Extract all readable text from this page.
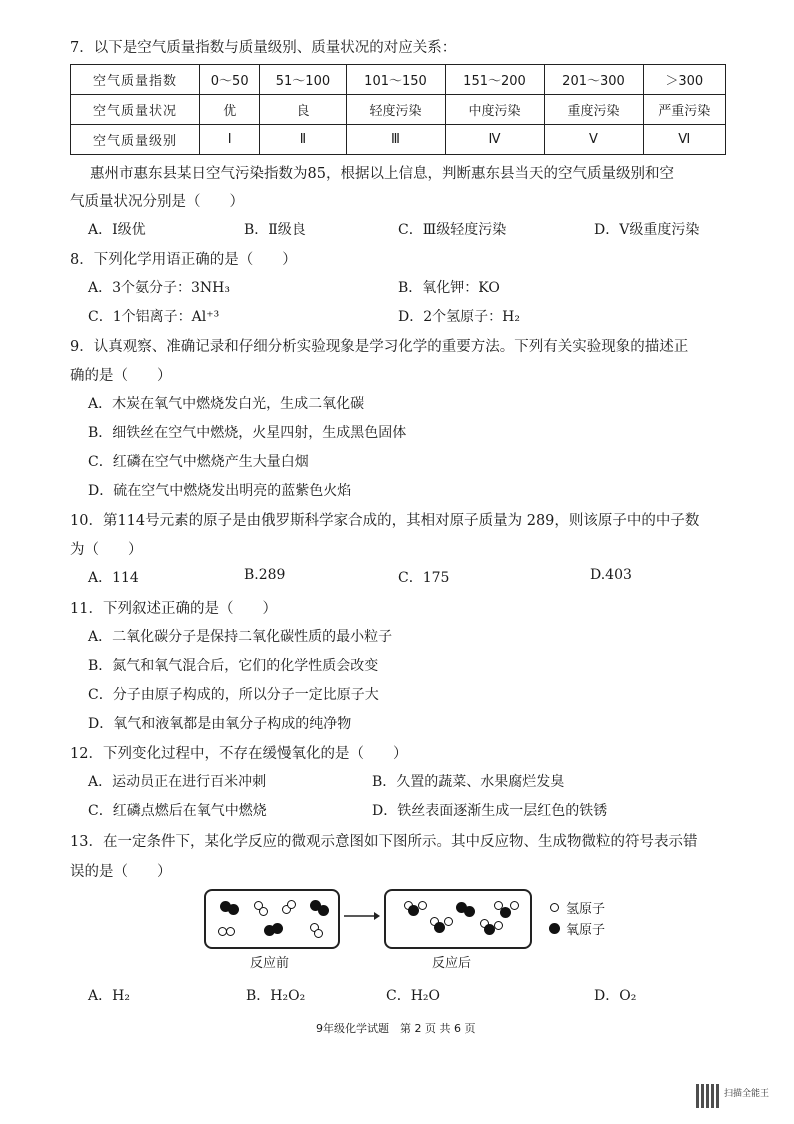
7．以下是空气质量指数与质量级别、质量状况的对应关系：
空气质量指数	0～50	51～100	101～150	151～200	201～300	＞300
空气质量状况	优	良	轻度污染	中度污染	重度污染	严重污染
空气质量级别	Ⅰ	Ⅱ	Ⅲ	Ⅳ	Ⅴ	Ⅵ
惠州市惠东县某日空气污染指数为85，根据以上信息，判断惠东县当天的空气质量级别和空
气质量状况分别是（　　）
A．Ⅰ级优	B．Ⅱ级良	C．Ⅲ级轻度污染	D．Ⅴ级重度污染
8．下列化学用语正确的是（　　）
A．3个氨分子：3NH₃	B．氧化钾：KO
C．1个铝离子：Al⁺³	D．2个氢原子：H₂
9．认真观察、准确记录和仔细分析实验现象是学习化学的重要方法。下列有关实验现象的描述正
确的是（　　）
A．木炭在氧气中燃烧发白光，生成二氧化碳
B．细铁丝在空气中燃烧，火星四射，生成黑色固体
C．红磷在空气中燃烧产生大量白烟
D．硫在空气中燃烧发出明亮的蓝紫色火焰
10．第114号元素的原子是由俄罗斯科学家合成的，其相对原子质量为 289，则该原子中的中子数
为（　　）
A．114	B.289	C．175	D.403
11．下列叙述正确的是（　　）
A．二氧化碳分子是保持二氧化碳性质的最小粒子
B．氮气和氧气混合后，它们的化学性质会改变
C．分子由原子构成的，所以分子一定比原子大
D．氧气和液氧都是由氧分子构成的纯净物
12．下列变化过程中，不存在缓慢氧化的是（　　）
A．运动员正在进行百米冲刺	B．久置的蔬菜、水果腐烂发臭
C．红磷点燃后在氧气中燃烧	D．铁丝表面逐渐生成一层红色的铁锈
13．在一定条件下，某化学反应的微观示意图如下图所示。其中反应物、生成物微粒的符号表示错
误的是（　　）
氢原子
氧原子
反应前	反应后
A．H₂	B．H₂O₂	C．H₂O	D．O₂
9年级化学试题　第 2 页 共 6 页
扫描全能王
